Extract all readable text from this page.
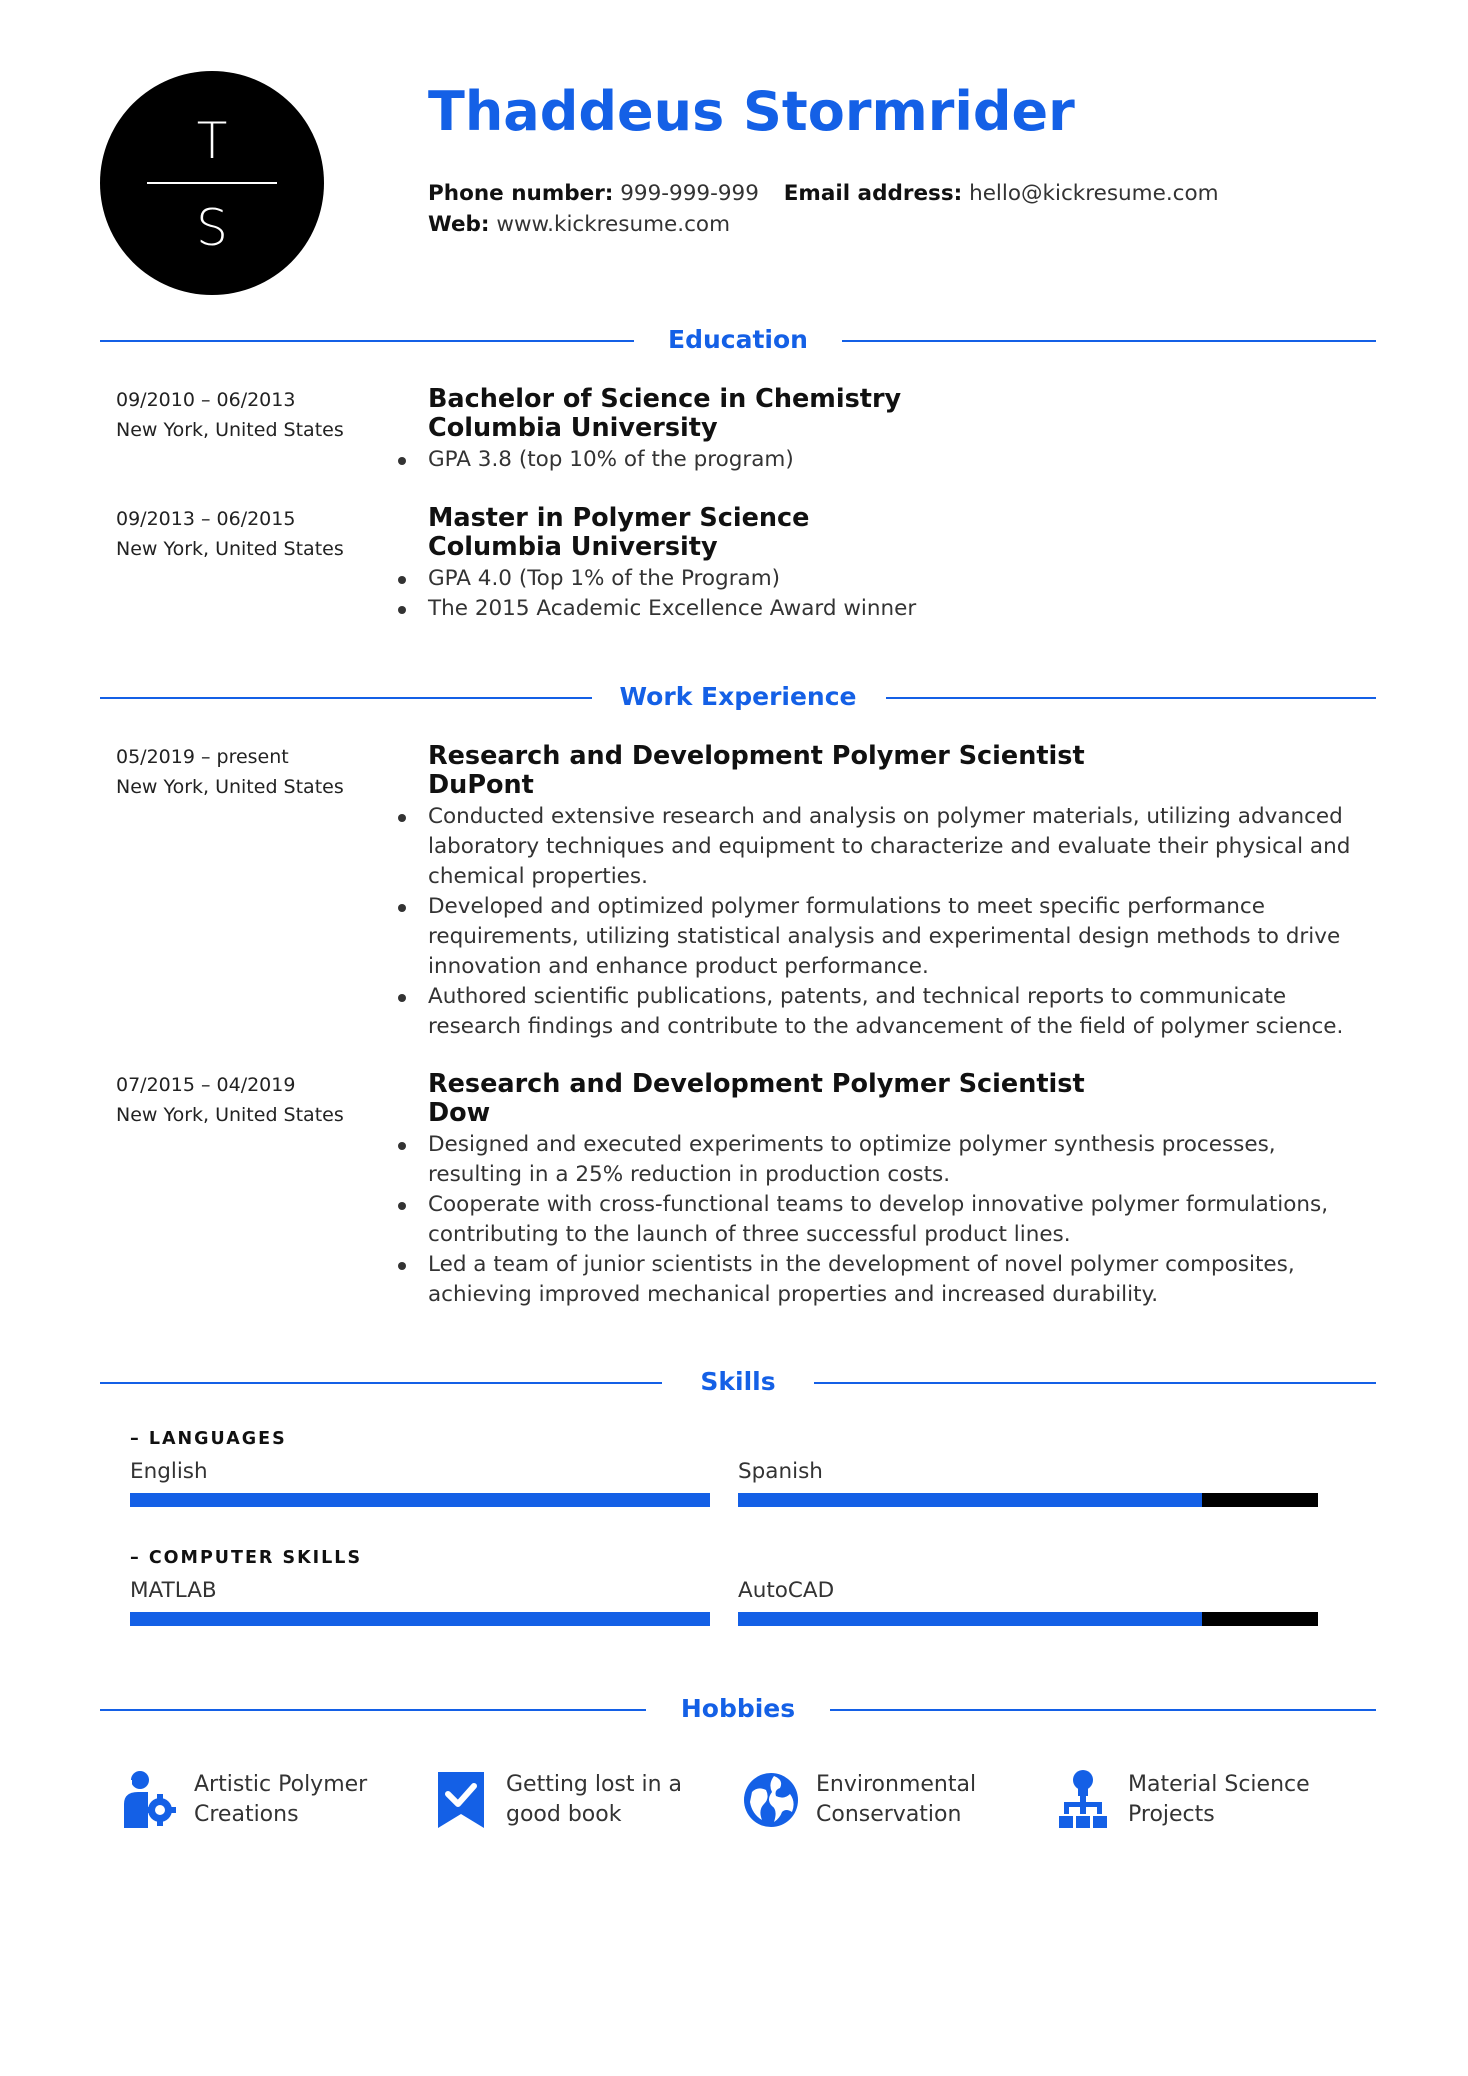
T
S
Thaddeus Stormrider
Phone number: 999-999-999 Email address: hello@kickresume.com
Web: www.kickresume.com
Education
09/2010 – 06/2013
New York, United States
Bachelor of Science in Chemistry
Columbia University
GPA 3.8 (top 10% of the program)
09/2013 – 06/2015
New York, United States
Master in Polymer Science
Columbia University
GPA 4.0 (Top 1% of the Program)
The 2015 Academic Excellence Award winner
Work Experience
05/2019 – present
New York, United States
Research and Development Polymer Scientist
DuPont
Conducted extensive research and analysis on polymer materials, utilizing advanced laboratory techniques and equipment to characterize and evaluate their physical and chemical properties.
Developed and optimized polymer formulations to meet specific performance requirements, utilizing statistical analysis and experimental design methods to drive innovation and enhance product performance.
Authored scientific publications, patents, and technical reports to communicate research findings and contribute to the advancement of the field of polymer science.
07/2015 – 04/2019
New York, United States
Research and Development Polymer Scientist
Dow
Designed and executed experiments to optimize polymer synthesis processes, resulting in a 25% reduction in production costs.
Cooperate with cross-functional teams to develop innovative polymer formulations, contributing to the launch of three successful product lines.
Led a team of junior scientists in the development of novel polymer composites, achieving improved mechanical properties and increased durability.
Skills
– LANGUAGES
English	Spanish
– COMPUTER SKILLS
MATLAB	AutoCAD
Hobbies
Artistic Polymer
Creations
Getting lost in a
good book
Environmental
Conservation
Material Science
Projects
